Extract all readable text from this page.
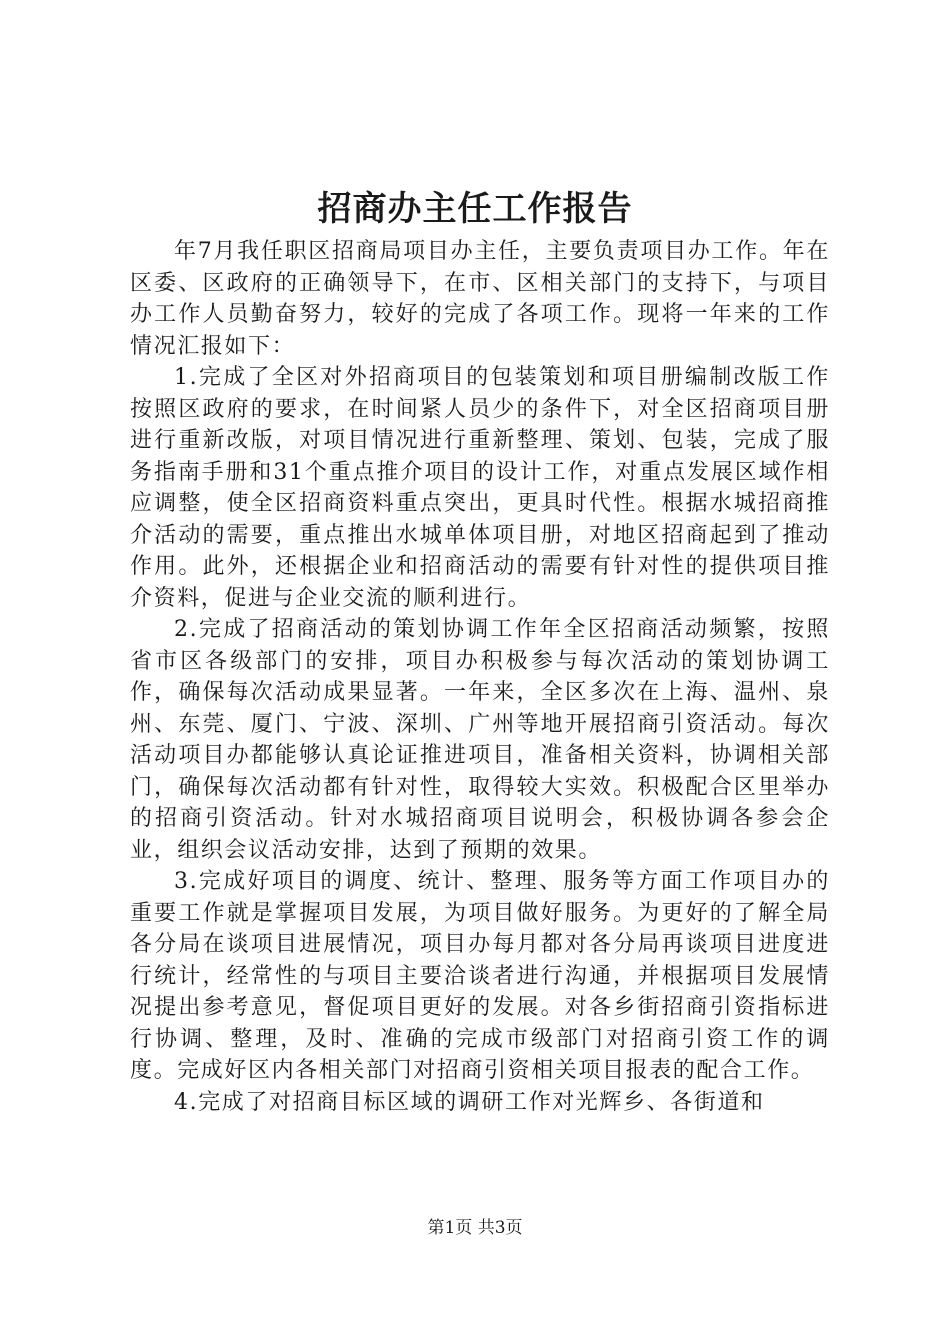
招商办主任工作报告

年7月我任职区招商局项目办主任，主要负责项目办工作。年在区委、区政府的正确领导下，在市、区相关部门的支持下，与项目办工作人员勤奋努力，较好的完成了各项工作。现将一年来的工作情况汇报如下：

1.完成了全区对外招商项目的包装策划和项目册编制改版工作按照区政府的要求，在时间紧人员少的条件下，对全区招商项目册进行重新改版，对项目情况进行重新整理、策划、包装，完成了服务指南手册和31个重点推介项目的设计工作，对重点发展区域作相应调整，使全区招商资料重点突出，更具时代性。根据水城招商推介活动的需要，重点推出水城单体项目册，对地区招商起到了推动作用。此外，还根据企业和招商活动的需要有针对性的提供项目推介资料，促进与企业交流的顺利进行。

2.完成了招商活动的策划协调工作年全区招商活动频繁，按照省市区各级部门的安排，项目办积极参与每次活动的策划协调工作，确保每次活动成果显著。一年来，全区多次在上海、温州、泉州、东莞、厦门、宁波、深圳、广州等地开展招商引资活动。每次活动项目办都能够认真论证推进项目，准备相关资料，协调相关部门，确保每次活动都有针对性，取得较大实效。积极配合区里举办的招商引资活动。针对水城招商项目说明会，积极协调各参会企业，组织会议活动安排，达到了预期的效果。

3.完成好项目的调度、统计、整理、服务等方面工作项目办的重要工作就是掌握项目发展，为项目做好服务。为更好的了解全局各分局在谈项目进展情况，项目办每月都对各分局再谈项目进度进行统计，经常性的与项目主要洽谈者进行沟通，并根据项目发展情况提出参考意见，督促项目更好的发展。对各乡街招商引资指标进行协调、整理，及时、准确的完成市级部门对招商引资工作的调度。完成好区内各相关部门对招商引资相关项目报表的配合工作。

4.完成了对招商目标区域的调研工作对光辉乡、各街道和

第1页 共3页
